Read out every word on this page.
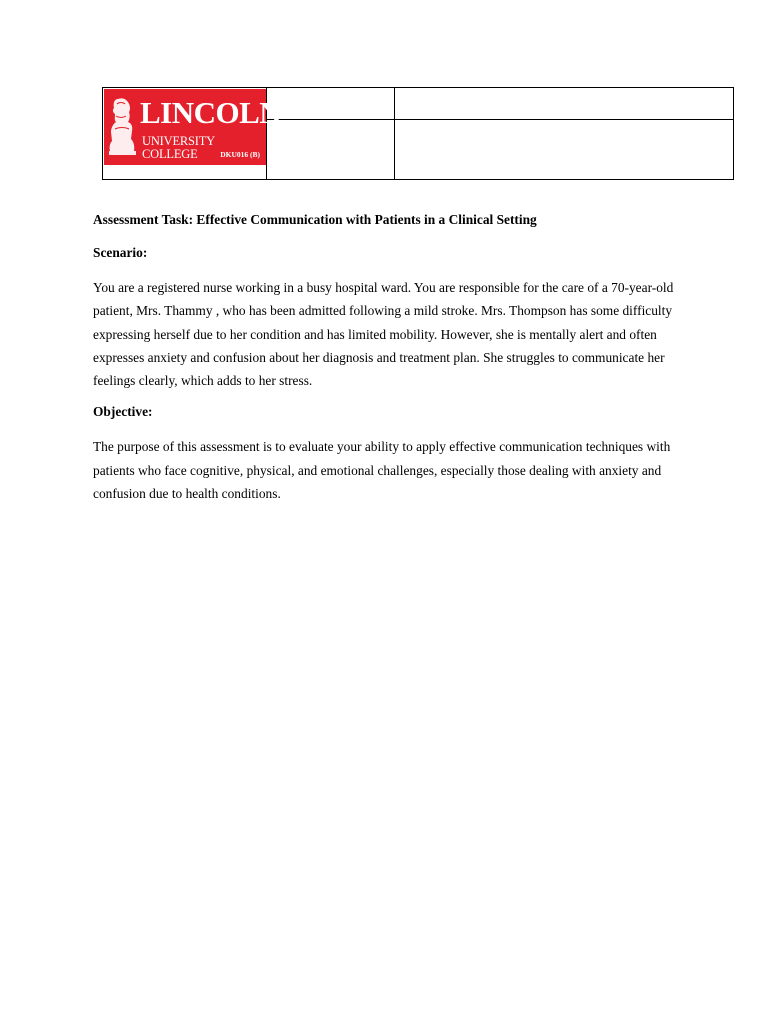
LINCOLN
UNIVERSITY COLLEGE DKU016 (B)		

Assessment Task: Effective Communication with Patients in a Clinical Setting
Scenario:

You are a registered nurse working in a busy hospital ward. You are responsible for the care of a 70-year-old patient, Mrs. Thammy , who has been admitted following a mild stroke. Mrs. Thompson has some difficulty expressing herself due to her condition and has limited mobility. However, she is mentally alert and often expresses anxiety and confusion about her diagnosis and treatment plan. She struggles to communicate her feelings clearly, which adds to her stress.

Objective:

The purpose of this assessment is to evaluate your ability to apply effective communication techniques with patients who face cognitive, physical, and emotional challenges, especially those dealing with anxiety and confusion due to health conditions.
